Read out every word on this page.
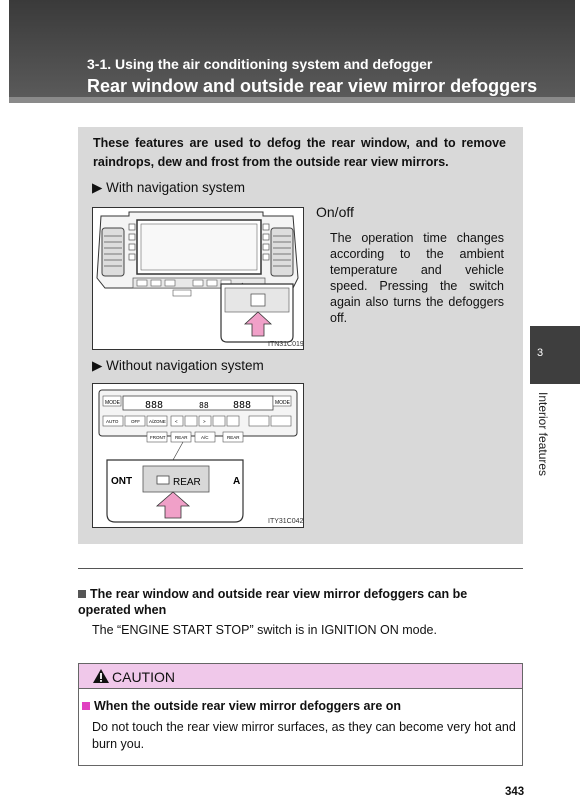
3-1. Using the air conditioning system and defogger
Rear window and outside rear view mirror defoggers
3
Interior features
These features are used to defog the rear window, and to remove raindrops, dew and frost from the outside rear view mirrors.
▶ With navigation system
ITN31C019
On/off
The operation time changes according to the ambient temperature and vehicle speed. Pressing the switch again also turns the defoggers off.
▶ Without navigation system
MODE	MODE
888	88 888
AUTO	OFF A/ZONE <	>
FRONT REAR	A/C	REAR
ONT	A
REAR
ITY31C042
The rear window and outside rear view mirror defoggers can be operated when
The “ENGINE START STOP” switch is in IGNITION ON mode.
CAUTION
When the outside rear view mirror defoggers are on
Do not touch the rear view mirror surfaces, as they can become very hot and burn you.
343
